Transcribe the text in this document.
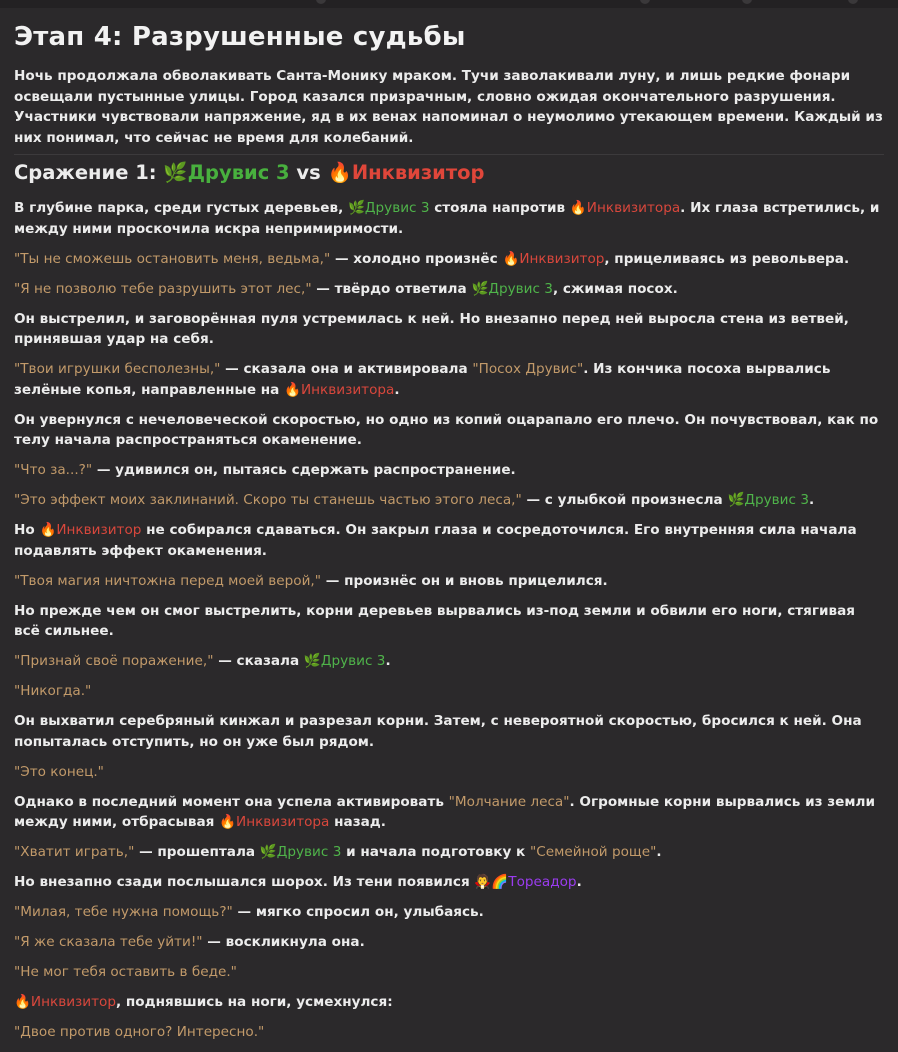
Этап 4: Разрушенные судьбы
Ночь продолжала обволакивать Санта-Монику мраком. Тучи заволакивали луну, и лишь редкие фонари освещали пустынные улицы. Город казался призрачным, словно ожидая окончательного разрушения. Участники чувствовали напряжение, яд в их венах напоминал о неумолимо утекающем времени. Каждый из них понимал, что сейчас не время для колебаний.
Сражение 1: 🌿Друвис 3 vs 🔥Инквизитор

В глубине парка, среди густых деревьев, 🌿Друвис 3 стояла напротив 🔥Инквизитора. Их глаза встретились, и между ними проскочила искра непримиримости.

"Ты не сможешь остановить меня, ведьма," — холодно произнёс 🔥Инквизитор, прицеливаясь из револьвера.

"Я не позволю тебе разрушить этот лес," — твёрдо ответила 🌿Друвис 3, сжимая посох.

Он выстрелил, и заговорённая пуля устремилась к ней. Но внезапно перед ней выросла стена из ветвей, принявшая удар на себя.

"Твои игрушки бесполезны," — сказала она и активировала "Посох Друвис". Из кончика посоха вырвались зелёные копья, направленные на 🔥Инквизитора.

Он увернулся с нечеловеческой скоростью, но одно из копий оцарапало его плечо. Он почувствовал, как по телу начала распространяться окаменение.

"Что за...?" — удивился он, пытаясь сдержать распространение.

"Это эффект моих заклинаний. Скоро ты станешь частью этого леса," — с улыбкой произнесла 🌿Друвис 3.

Но 🔥Инквизитор не собирался сдаваться. Он закрыл глаза и сосредоточился. Его внутренняя сила начала подавлять эффект окаменения.

"Твоя магия ничтожна перед моей верой," — произнёс он и вновь прицелился.

Но прежде чем он смог выстрелить, корни деревьев вырвались из-под земли и обвили его ноги, стягивая всё сильнее.

"Признай своё поражение," — сказала 🌿Друвис 3.

"Никогда."

Он выхватил серебряный кинжал и разрезал корни. Затем, с невероятной скоростью, бросился к ней. Она попыталась отступить, но он уже был рядом.

"Это конец."

Однако в последний момент она успела активировать "Молчание леса". Огромные корни вырвались из земли между ними, отбрасывая 🔥Инквизитора назад.

"Хватит играть," — прошептала 🌿Друвис 3 и начала подготовку к "Семейной роще".

Но внезапно сзади послышался шорох. Из тени появился 🧛🌈Тореадор.

"Милая, тебе нужна помощь?" — мягко спросил он, улыбаясь.

"Я же сказала тебе уйти!" — воскликнула она.

"Не мог тебя оставить в беде."

🔥Инквизитор, поднявшись на ноги, усмехнулся:

"Двое против одного? Интересно."
